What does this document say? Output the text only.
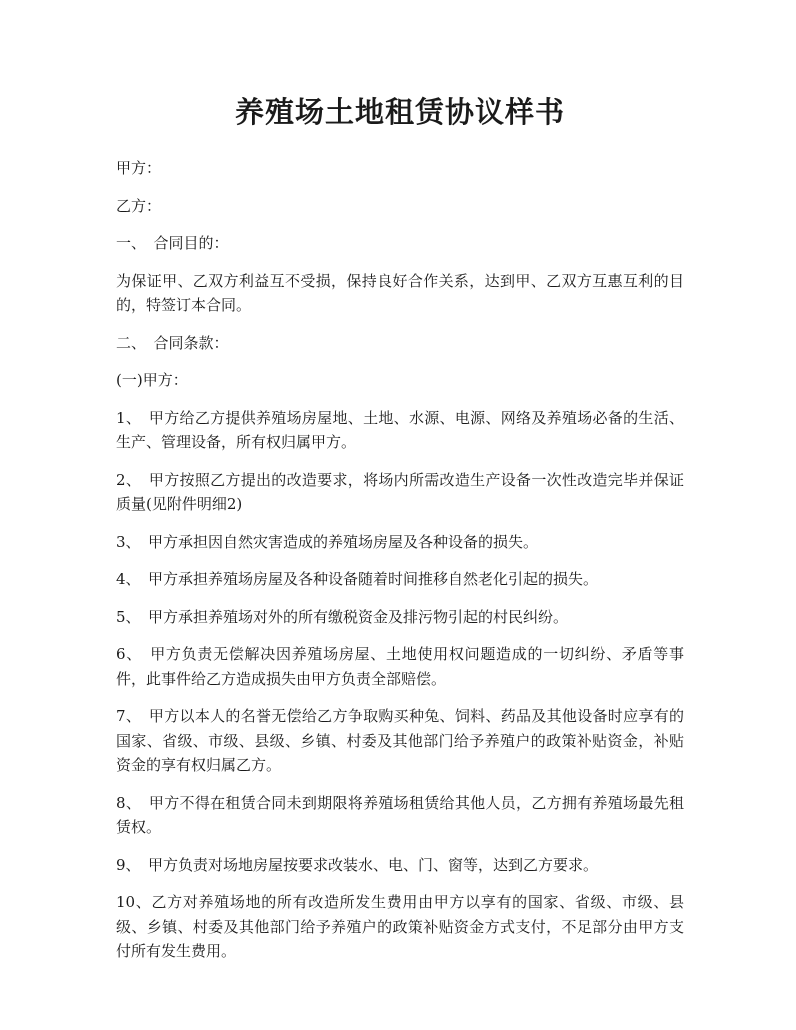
养殖场土地租赁协议样书

甲方：

乙方：

一、　合同目的：

为保证甲、乙双方利益互不受损，保持良好合作关系，达到甲、乙双方互惠互利的目的，特签订本合同。

二、　合同条款：

(一)甲方：

1、　甲方给乙方提供养殖场房屋地、土地、水源、电源、网络及养殖场必备的生活、生产、管理设备，所有权归属甲方。

2、　甲方按照乙方提出的改造要求，将场内所需改造生产设备一次性改造完毕并保证质量(见附件明细2)

3、　甲方承担因自然灾害造成的养殖场房屋及各种设备的损失。

4、　甲方承担养殖场房屋及各种设备随着时间推移自然老化引起的损失。

5、　甲方承担养殖场对外的所有缴税资金及排污物引起的村民纠纷。

6、　甲方负责无偿解决因养殖场房屋、土地使用权问题造成的一切纠纷、矛盾等事件，此事件给乙方造成损失由甲方负责全部赔偿。

7、　甲方以本人的名誉无偿给乙方争取购买种兔、饲料、药品及其他设备时应享有的国家、省级、市级、县级、乡镇、村委及其他部门给予养殖户的政策补贴资金，补贴资金的享有权归属乙方。

8、　甲方不得在租赁合同未到期限将养殖场租赁给其他人员，乙方拥有养殖场最先租赁权。

9、　甲方负责对场地房屋按要求改装水、电、门、窗等，达到乙方要求。

10、乙方对养殖场地的所有改造所发生费用由甲方以享有的国家、省级、市级、县级、乡镇、村委及其他部门给予养殖户的政策补贴资金方式支付，不足部分由甲方支付所有发生费用。
